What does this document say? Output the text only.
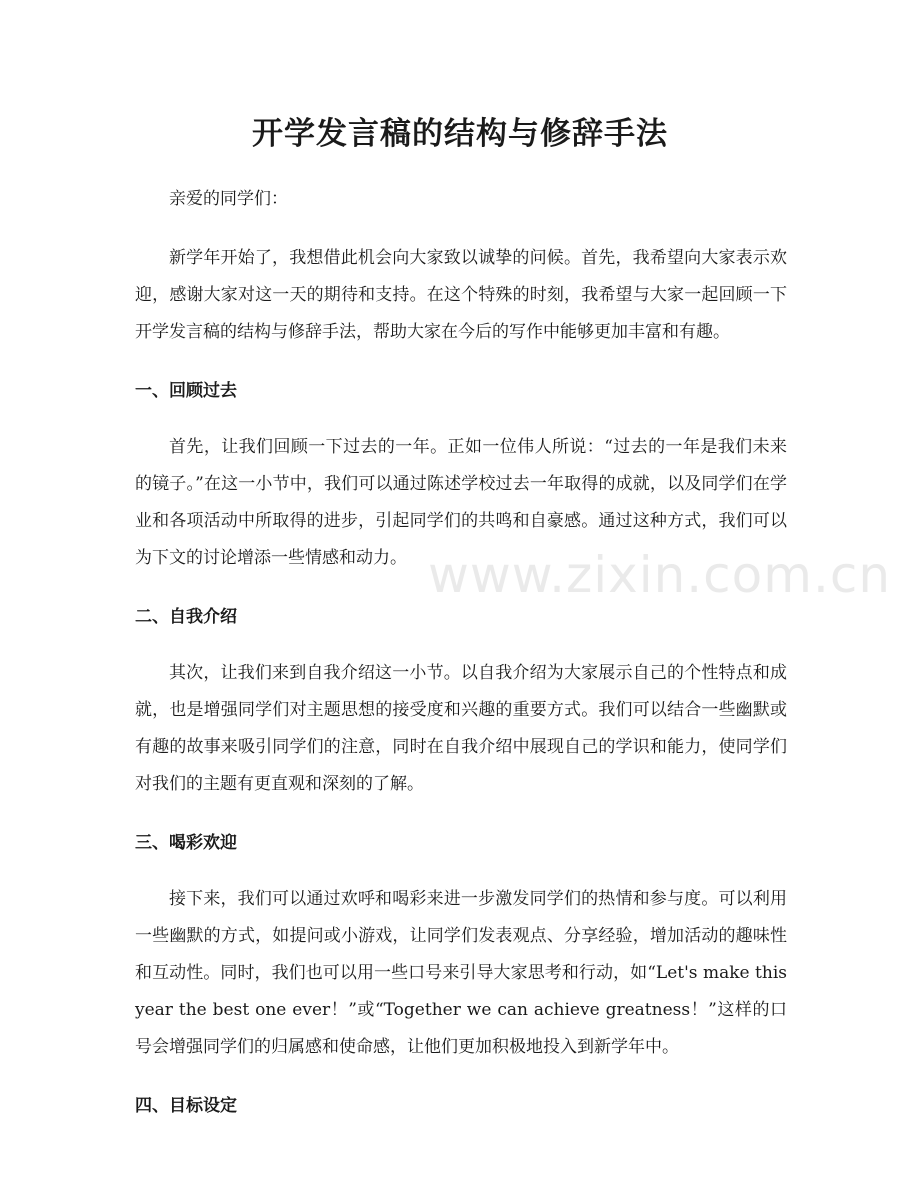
开学发言稿的结构与修辞手法

亲爱的同学们：

新学年开始了，我想借此机会向大家致以诚挚的问候。首先，我希望向大家表示欢迎，感谢大家对这一天的期待和支持。在这个特殊的时刻，我希望与大家一起回顾一下开学发言稿的结构与修辞手法，帮助大家在今后的写作中能够更加丰富和有趣。

一、回顾过去

首先，让我们回顾一下过去的一年。正如一位伟人所说：“过去的一年是我们未来的镜子。”在这一小节中，我们可以通过陈述学校过去一年取得的成就，以及同学们在学业和各项活动中所取得的进步，引起同学们的共鸣和自豪感。通过这种方式，我们可以为下文的讨论增添一些情感和动力。

二、自我介绍

其次，让我们来到自我介绍这一小节。以自我介绍为大家展示自己的个性特点和成就，也是增强同学们对主题思想的接受度和兴趣的重要方式。我们可以结合一些幽默或有趣的故事来吸引同学们的注意，同时在自我介绍中展现自己的学识和能力，使同学们对我们的主题有更直观和深刻的了解。

三、喝彩欢迎

接下来，我们可以通过欢呼和喝彩来进一步激发同学们的热情和参与度。可以利用一些幽默的方式，如提问或小游戏，让同学们发表观点、分享经验，增加活动的趣味性和互动性。同时，我们也可以用一些口号来引导大家思考和行动，如“Let's make this year the best one ever！”或“Together we can achieve greatness！”这样的口号会增强同学们的归属感和使命感，让他们更加积极地投入到新学年中。

四、目标设定
www.zixin.com.cn
